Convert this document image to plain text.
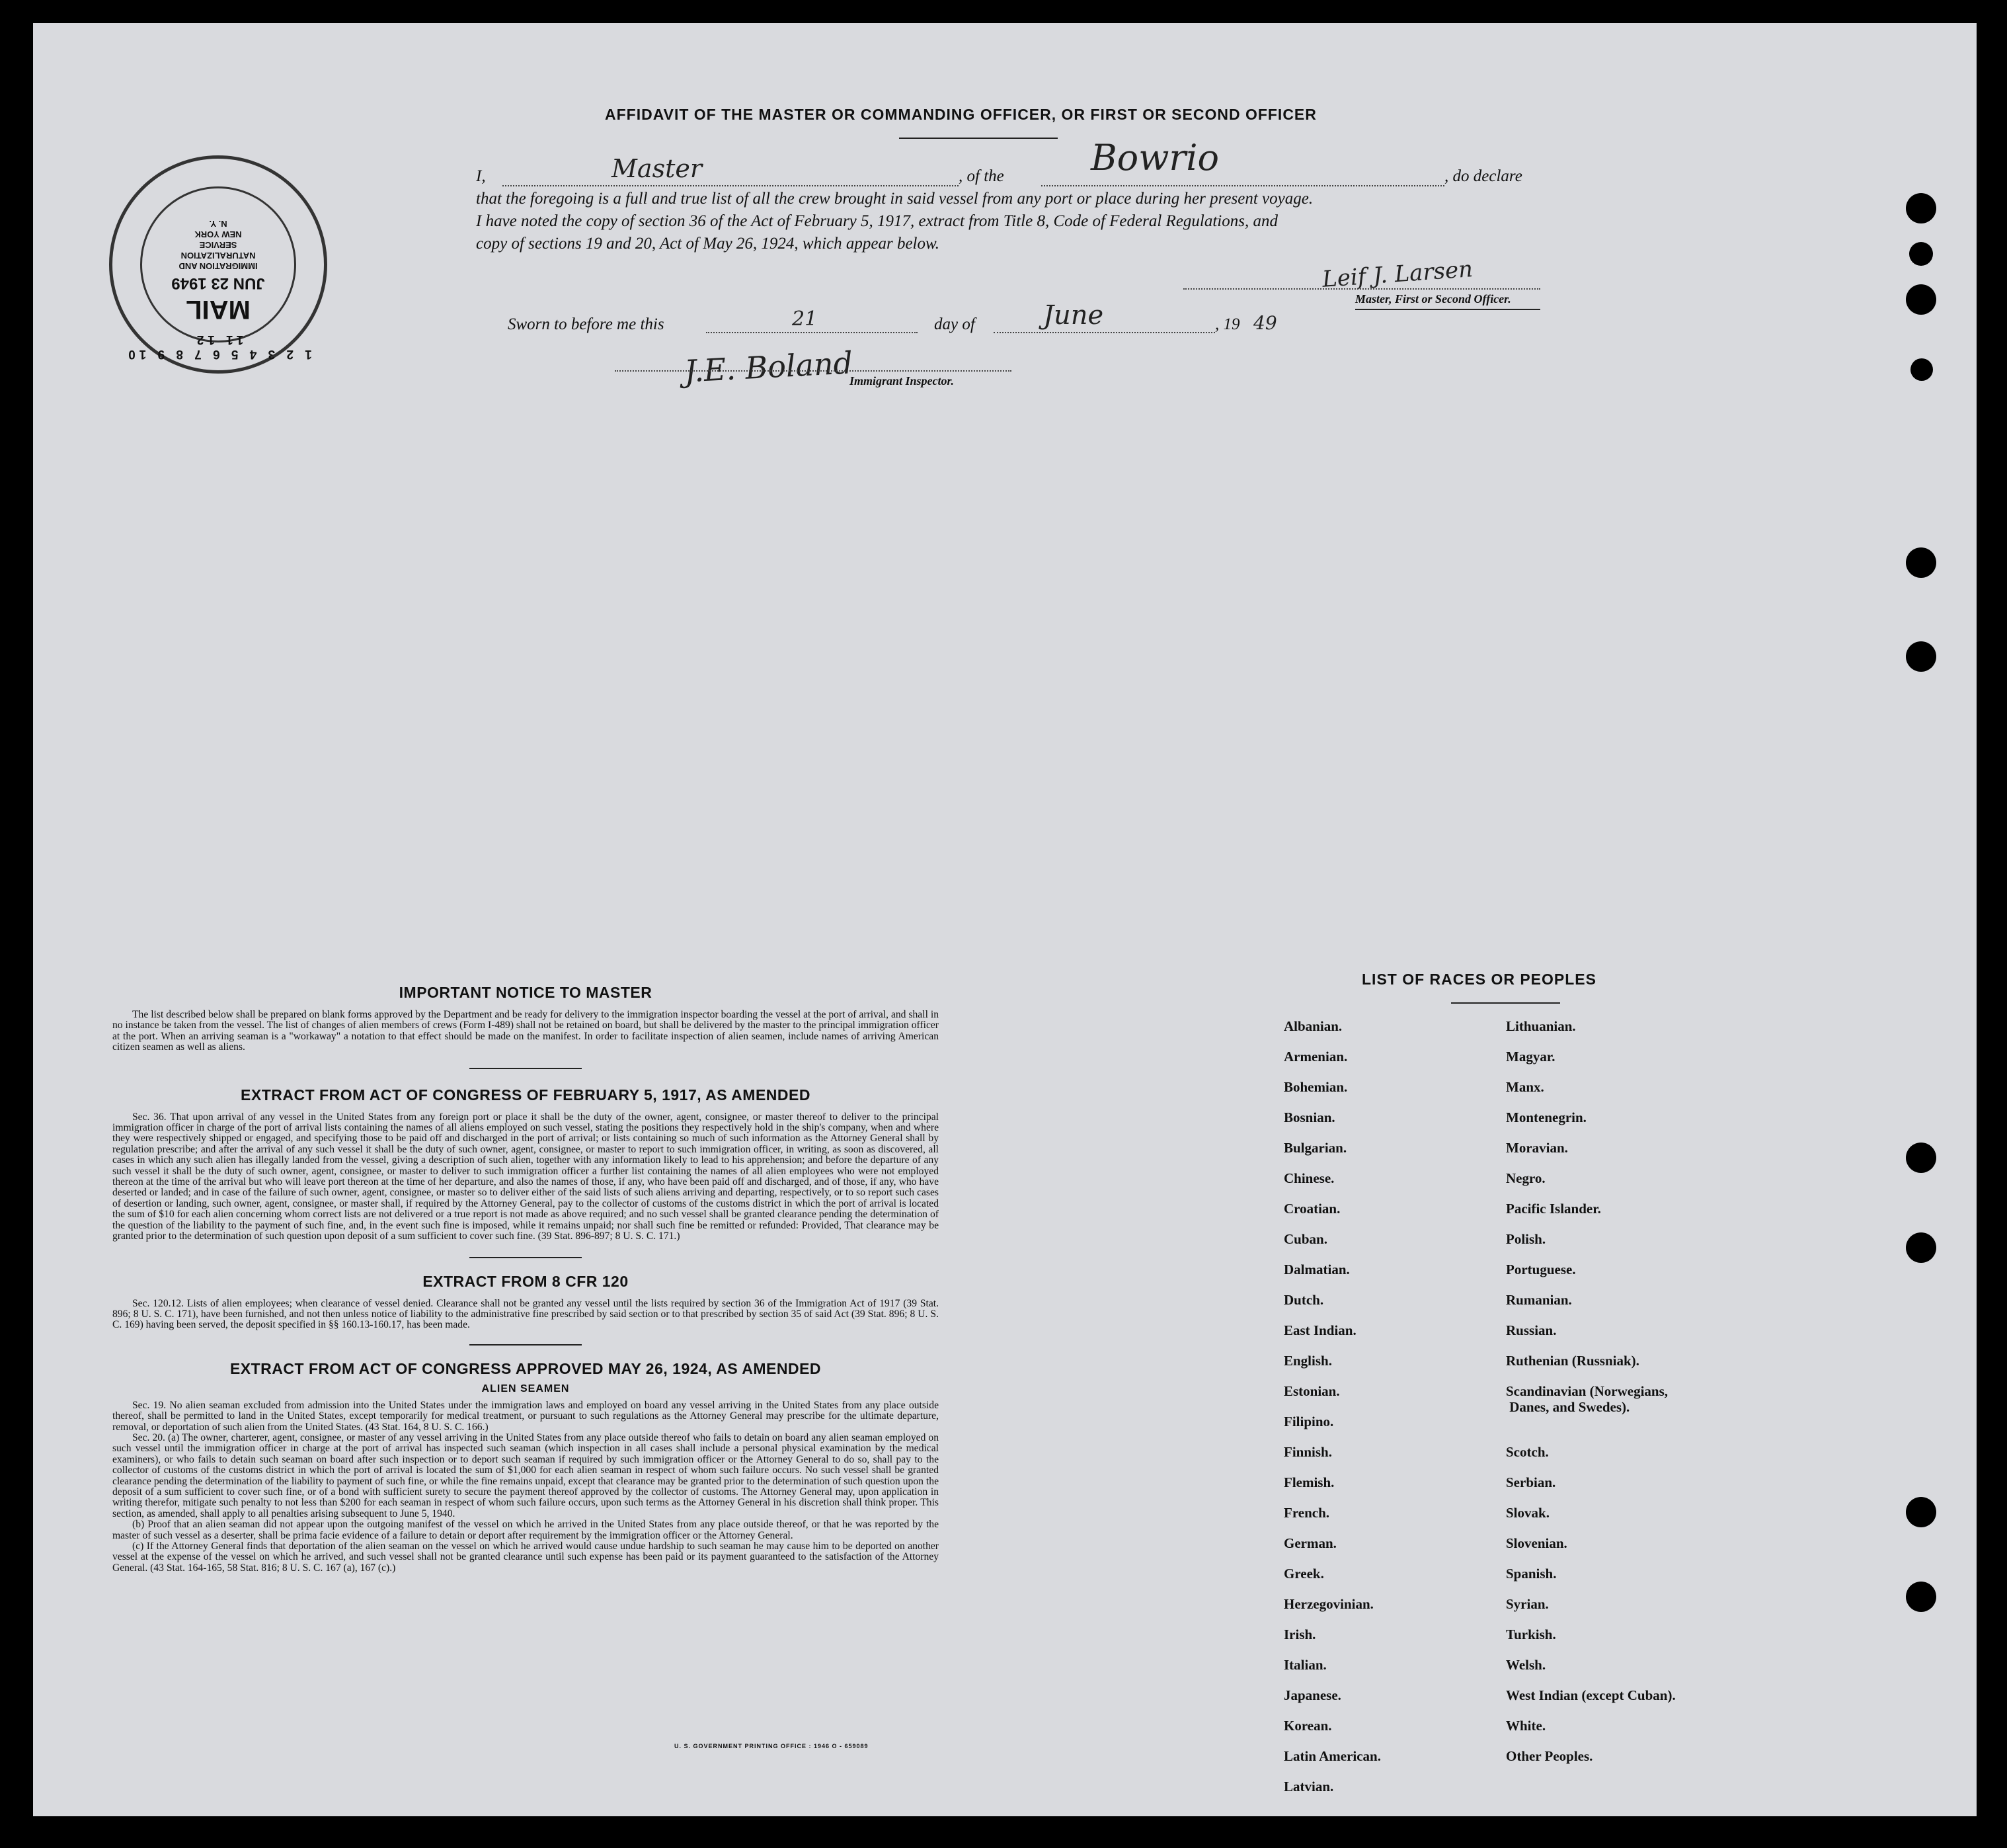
AFFIDAVIT OF THE MASTER OR COMMANDING OFFICER, OR FIRST OR SECOND OFFICER
1 2 3 4 5 6 7 8 9 10 11 12
MAIL
JUN 23 1949
IMMIGRATION AND
NATURALIZATION
SERVICE
NEW YORK
N. Y.
I,	Master	, of the Bowrio	, do declare
that the foregoing is a full and true list of all the crew brought in said vessel from any port or place during her present voyage.
I have noted the copy of section 36 of the Act of February 5, 1917, extract from Title 8, Code of Federal Regulations, and
copy of sections 19 and 20, Act of May 26, 1924, which appear below.
Leif J. Larsen
Master, First or Second Officer.
Sworn to before me this	21	day of	June	, 19 49
J.E. Boland
Immigrant Inspector.
IMPORTANT NOTICE TO MASTER

The list described below shall be prepared on blank forms approved by the Department and be ready for delivery to the immigration inspector boarding the vessel at the port of arrival, and shall in no instance be taken from the vessel. The list of changes of alien members of crews (Form I-489) shall not be retained on board, but shall be delivered by the master to the principal immigration officer at the port. When an arriving seaman is a "workaway" a notation to that effect should be made on the manifest. In order to facilitate inspection of alien seamen, include names of arriving American citizen seamen as well as aliens.

EXTRACT FROM ACT OF CONGRESS OF FEBRUARY 5, 1917, AS AMENDED

Sec. 36. That upon arrival of any vessel in the United States from any foreign port or place it shall be the duty of the owner, agent, consignee, or master thereof to deliver to the principal immigration officer in charge of the port of arrival lists containing the names of all aliens employed on such vessel, stating the positions they respectively hold in the ship's company, when and where they were respectively shipped or engaged, and specifying those to be paid off and discharged in the port of arrival; or lists containing so much of such information as the Attorney General shall by regulation prescribe; and after the arrival of any such vessel it shall be the duty of such owner, agent, consignee, or master to report to such immigration officer, in writing, as soon as discovered, all cases in which any such alien has illegally landed from the vessel, giving a description of such alien, together with any information likely to lead to his apprehension; and before the departure of any such vessel it shall be the duty of such owner, agent, consignee, or master to deliver to such immigration officer a further list containing the names of all alien employees who were not employed thereon at the time of the arrival but who will leave port thereon at the time of her departure, and also the names of those, if any, who have been paid off and discharged, and of those, if any, who have deserted or landed; and in case of the failure of such owner, agent, consignee, or master so to deliver either of the said lists of such aliens arriving and departing, respectively, or to so report such cases of desertion or landing, such owner, agent, consignee, or master shall, if required by the Attorney General, pay to the collector of customs of the customs district in which the port of arrival is located the sum of $10 for each alien concerning whom correct lists are not delivered or a true report is not made as above required; and no such vessel shall be granted clearance pending the determination of the question of the liability to the payment of such fine, and, in the event such fine is imposed, while it remains unpaid; nor shall such fine be remitted or refunded: Provided, That clearance may be granted prior to the determination of such question upon deposit of a sum sufficient to cover such fine. (39 Stat. 896-897; 8 U. S. C. 171.)

EXTRACT FROM 8 CFR 120

Sec. 120.12. Lists of alien employees; when clearance of vessel denied. Clearance shall not be granted any vessel until the lists required by section 36 of the Immigration Act of 1917 (39 Stat. 896; 8 U. S. C. 171), have been furnished, and not then unless notice of liability to the administrative fine prescribed by said section or to that prescribed by section 35 of said Act (39 Stat. 896; 8 U. S. C. 169) having been served, the deposit specified in §§ 160.13-160.17, has been made.

EXTRACT FROM ACT OF CONGRESS APPROVED MAY 26, 1924, AS AMENDED
ALIEN SEAMEN

Sec. 19. No alien seaman excluded from admission into the United States under the immigration laws and employed on board any vessel arriving in the United States from any place outside thereof, shall be permitted to land in the United States, except temporarily for medical treatment, or pursuant to such regulations as the Attorney General may prescribe for the ultimate departure, removal, or deportation of such alien from the United States. (43 Stat. 164, 8 U. S. C. 166.)

Sec. 20. (a) The owner, charterer, agent, consignee, or master of any vessel arriving in the United States from any place outside thereof who fails to detain on board any alien seaman employed on such vessel until the immigration officer in charge at the port of arrival has inspected such seaman (which inspection in all cases shall include a personal physical examination by the medical examiners), or who fails to detain such seaman on board after such inspection or to deport such seaman if required by such immigration officer or the Attorney General to do so, shall pay to the collector of customs of the customs district in which the port of arrival is located the sum of $1,000 for each alien seaman in respect of whom such failure occurs. No such vessel shall be granted clearance pending the determination of the liability to payment of such fine, or while the fine remains unpaid, except that clearance may be granted prior to the determination of such question upon the deposit of a sum sufficient to cover such fine, or of a bond with sufficient surety to secure the payment thereof approved by the collector of customs. The Attorney General may, upon application in writing therefor, mitigate such penalty to not less than $200 for each seaman in respect of whom such failure occurs, upon such terms as the Attorney General in his discretion shall think proper. This section, as amended, shall apply to all penalties arising subsequent to June 5, 1940.

(b) Proof that an alien seaman did not appear upon the outgoing manifest of the vessel on which he arrived in the United States from any place outside thereof, or that he was reported by the master of such vessel as a deserter, shall be prima facie evidence of a failure to detain or deport after requirement by the immigration officer or the Attorney General.

(c) If the Attorney General finds that deportation of the alien seaman on the vessel on which he arrived would cause undue hardship to such seaman he may cause him to be deported on another vessel at the expense of the vessel on which he arrived, and such vessel shall not be granted clearance until such expense has been paid or its payment guaranteed to the satisfaction of the Attorney General. (43 Stat. 164-165, 58 Stat. 816; 8 U. S. C. 167 (a), 167 (c).)

U. S. GOVERNMENT PRINTING OFFICE : 1946 O - 659089
LIST OF RACES OR PEOPLES
Albanian.
Armenian.
Bohemian.
Bosnian.
Bulgarian.
Chinese.
Croatian.
Cuban.
Dalmatian.
Dutch.
East Indian.
English.
Estonian.
Filipino.
Finnish.
Flemish.
French.
German.
Greek.
Herzegovinian.
Irish.
Italian.
Japanese.
Korean.
Latin American.
Latvian.
Lithuanian.
Magyar.
Manx.
Montenegrin.
Moravian.
Negro.
Pacific Islander.
Polish.
Portuguese.
Rumanian.
Russian.
Ruthenian (Russniak).
Scandinavian (Norwegians,
Danes, and Swedes).
Scotch.
Serbian.
Slovak.
Slovenian.
Spanish.
Syrian.
Turkish.
Welsh.
West Indian (except Cuban).
White.
Other Peoples.
